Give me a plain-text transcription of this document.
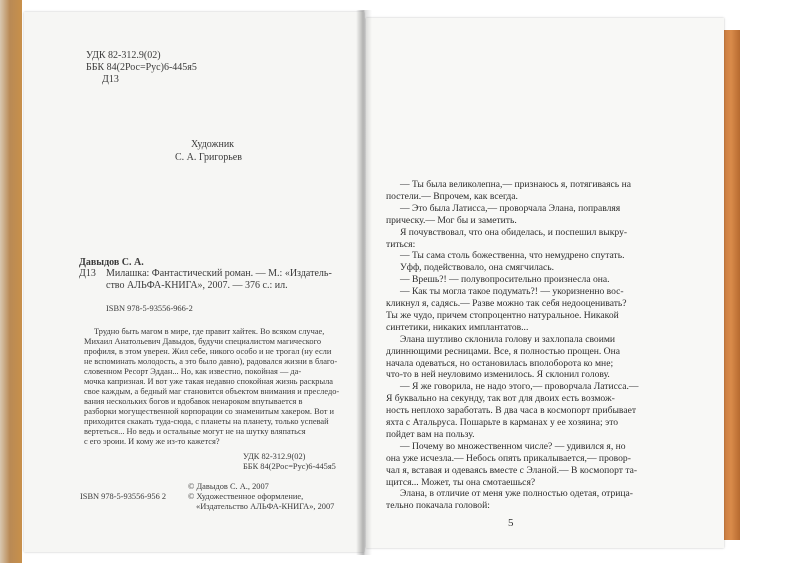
УДК 82-312.9(02)
ББК 84(2Рос=Рус)6-445я5
Д13
Художник
С. А. Григорьев
Давыдов С. А.
Д13 Милашка: Фантастический роман. — М.: «Издатель-
ство АЛЬФА-КНИГА», 2007. — 376 с.: ил.
ISBN 978-5-93556-966-2
Трудно быть магом в мире, где правит хайтек. Во всяком случае,
Михаил Анатольевич Давыдов, будучи специалистом магического
профиля, в этом уверен. Жил себе, никого особо и не трогал (ну если
не вспоминать молодость, а это было давно), радовался жизни в благо-
словенном Ресорт Эддан... Но, как известно, покойная — да-
мочка капризная. И вот уже такая недавно спокойная жизнь раскрыла
свое каждым, а бедный маг становится объектом внимания и преследо-
вания нескольких богов и вдобавок ненароком впутывается в
разборки могущественной корпорации со знаменитым хакером. Вот и
приходится скакать туда-сюда, с планеты на планету, только успевай
вертеться... Но ведь и остальные могут не на шутку вляпаться
с его эроии. И кому же из-то кажется?
УДК 82-312.9(02)
ББК 84(2Рос=Рус)6-445я5
© Давыдов С. А., 2007
© Художественное оформление,
«Издательство АЛЬФА-КНИГА», 2007
ISBN 978-5-93556-956 2
— Ты была великолепна,— признаюсь я, потягиваясь на
постели.— Впрочем, как всегда.
— Это была Латисса,— проворчала Элана, поправляя
прическу.— Мог бы и заметить.
Я почувствовал, что она обиделась, и поспешил выкру-
титься:
— Ты сама столь божественна, что немудрено спутать.
Уфф, подействовало, она смягчилась.
— Врешь?! — полувопросительно произнесла она.
— Как ты могла такое подумать?! — укоризненно вос-
кликнул я, садясь.— Разве можно так себя недооценивать?
Ты же чудо, причем стопроцентно натуральное. Никакой
синтетики, никаких имплантатов...
Элана шутливо склонила голову и захлопала своими
длиннющими ресницами. Все, я полностью прощен. Она
начала одеваться, но остановилась вполоборота ко мне;
что-то в ней неуловимо изменилось. Я склонил голову.
— Я же говорила, не надо этого,— проворчала Латисса.—
Я буквально на секунду, так вот для двоих есть возмож-
ность неплохо заработать. В два часа в космопорт прибывает
яхта с Атальруса. Пошарьте в карманах у ее хозяина; это
пойдет вам на пользу.
— Почему во множественном числе? — удивился я, но
она уже исчезла.— Небось опять прикалывается,— провор-
чал я, вставая и одеваясь вместе с Эланой.— В космопорт та-
щится... Может, ты она смотаешься?
Элана, в отличие от меня уже полностью одетая, отрица-
тельно покачала головой:
5
